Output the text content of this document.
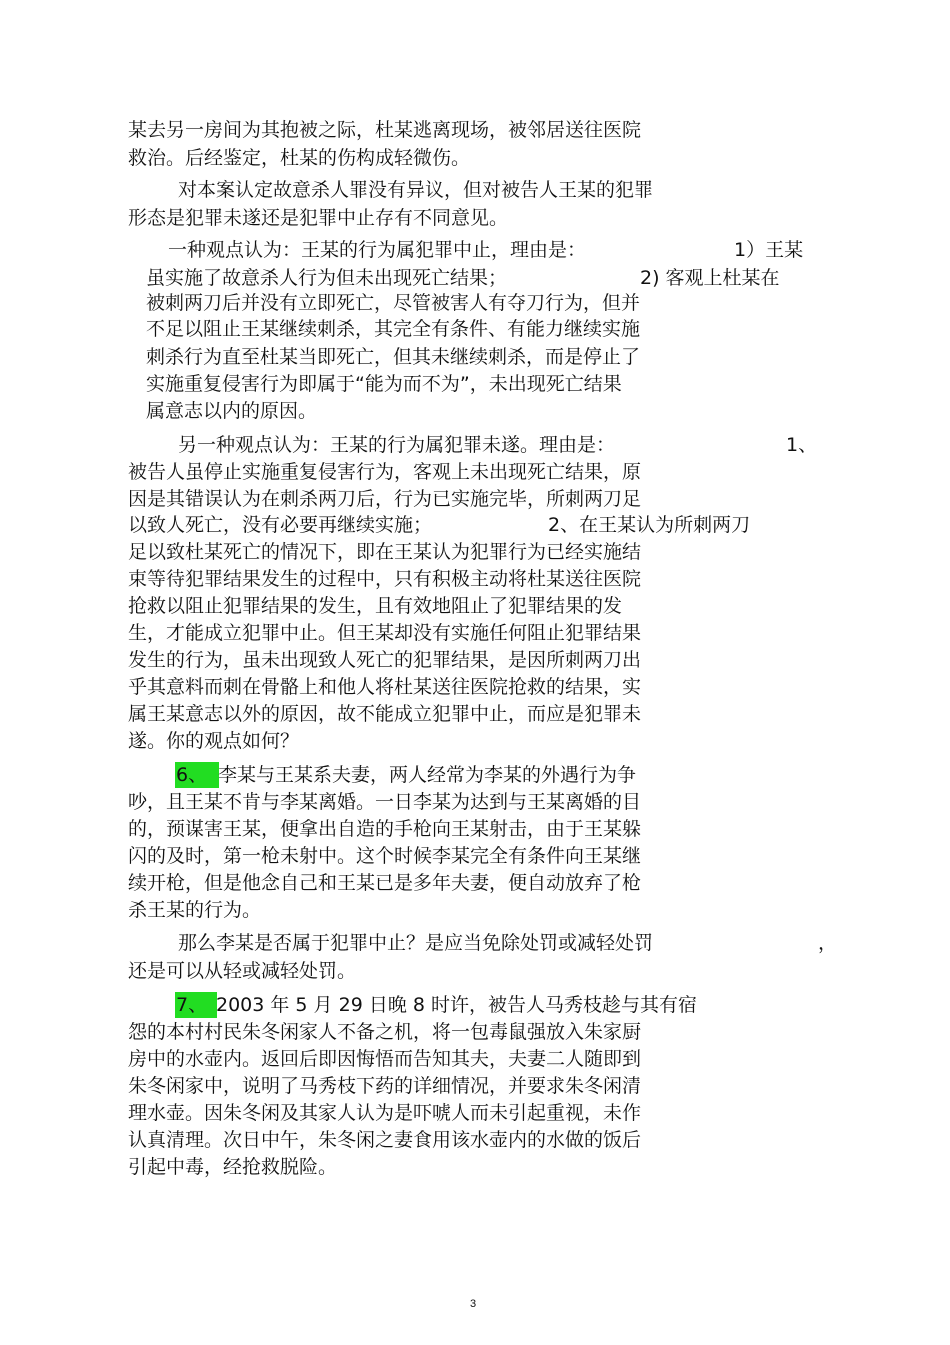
某去另一房间为其抱被之际，杜某逃离现场，被邻居送往医院
救治。后经鉴定，杜某的伤构成轻微伤。
对本案认定故意杀人罪没有异议，但对被告人王某的犯罪
形态是犯罪未遂还是犯罪中止存有不同意见。
一种观点认为：王某的行为属犯罪中止，理由是：	1）王某
虽实施了故意杀人行为但未出现死亡结果；	2) 客观上杜某在
被刺两刀后并没有立即死亡，尽管被害人有夺刀行为，但并
不足以阻止王某继续刺杀，其完全有条件、有能力继续实施
刺杀行为直至杜某当即死亡，但其未继续刺杀，而是停止了
实施重复侵害行为即属于“能为而不为”，未出现死亡结果
属意志以内的原因。
另一种观点认为：王某的行为属犯罪未遂。理由是：	1、
被告人虽停止实施重复侵害行为，客观上未出现死亡结果，原
因是其错误认为在刺杀两刀后，行为已实施完毕，所刺两刀足
以致人死亡，没有必要再继续实施；	2、在王某认为所刺两刀
足以致杜某死亡的情况下，即在王某认为犯罪行为已经实施结
束等待犯罪结果发生的过程中，只有积极主动将杜某送往医院
抢救以阻止犯罪结果的发生，且有效地阻止了犯罪结果的发
生，才能成立犯罪中止。但王某却没有实施任何阻止犯罪结果
发生的行为，虽未出现致人死亡的犯罪结果，是因所刺两刀出
乎其意料而刺在骨骼上和他人将杜某送往医院抢救的结果，实
属王某意志以外的原因，故不能成立犯罪中止，而应是犯罪未
遂。你的观点如何？
6、 李某与王某系夫妻，两人经常为李某的外遇行为争
吵，且王某不肯与李某离婚。一日李某为达到与王某离婚的目
的，预谋害王某，便拿出自造的手枪向王某射击，由于王某躲
闪的及时，第一枪未射中。这个时候李某完全有条件向王某继
续开枪，但是他念自己和王某已是多年夫妻，便自动放弃了枪
杀王某的行为。
那么李某是否属于犯罪中止？是应当免除处罚或减轻处罚	，
还是可以从轻或减轻处罚。
7、 2003 年 5 月 29 日晚 8 时许，被告人马秀枝趁与其有宿
怨的本村村民朱冬闲家人不备之机，将一包毒鼠强放入朱家厨
房中的水壶内。返回后即因悔悟而告知其夫，夫妻二人随即到
朱冬闲家中，说明了马秀枝下药的详细情况，并要求朱冬闲清
理水壶。因朱冬闲及其家人认为是吓唬人而未引起重视，未作
认真清理。次日中午，朱冬闲之妻食用该水壶内的水做的饭后
引起中毒，经抢救脱险。
3
